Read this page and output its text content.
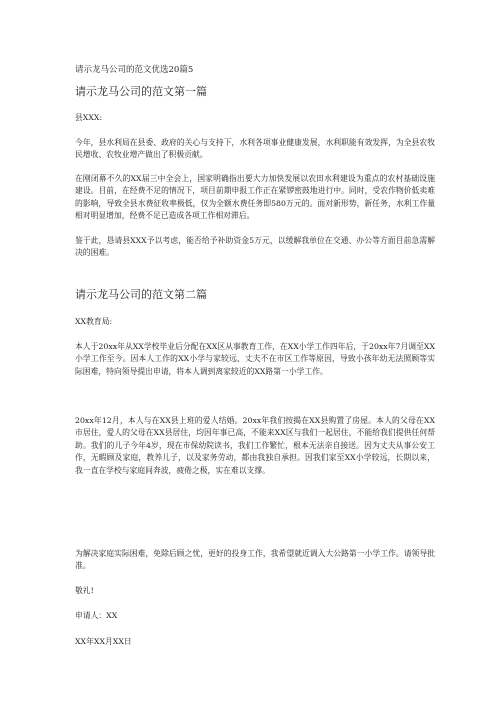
请示龙马公司的范文优选20篇5
请示龙马公司的范文第一篇
县XXX:
今年，县水利局在县委、政府的关心与支持下，水利各项事业健康发展，水利职能有效发挥，为全县农牧民增收、农牧业增产做出了积极贡献。
在刚闭幕不久的XX届三中全会上，国家明确指出要大力加快发展以农田水利建设为重点的农村基础设施建设。目前，在经费不足的情况下，项目前期申报工作正在紧锣密鼓地进行中。同时，受农作物价低卖难的影响，导致全县水费征收率极低，仅为全额水费任务即580万元的。面对新形势，新任务，水利工作量相对明显增加，经费不足已造成各项工作相对滞后。
鉴于此，恳请县XXX予以考虑，能否给予补助资金5万元，以缓解我单位在交通、办公等方面目前急需解决的困难。
请示龙马公司的范文第二篇
XX教育局:
本人于20xx年从XX学校毕业后分配在XX区从事教育工作，在XX小学工作四年后，于20xx年7月调至XX小学工作至今。因本人工作的XX小学与家较远、丈夫不在市区工作等原因，导致小孩年幼无法照顾等实际困难，特向领导提出申请，将本人调到离家较近的XX路第一小学工作。
20xx年12月，本人与在XX县上班的爱人结婚。20xx年我们按揭在XX县购置了房屋。本人的父母在XX市居住，爱人的父母在XX县居住，均因年事已高，不能来XX区与我们一起居住，不能给我们提供任何帮助。我们的儿子今年4岁，现在市保幼院读书，我们工作繁忙，根本无法亲自接送。因为丈夫从事公安工作，无暇顾及家庭，教养儿子，以及家务劳动，都由我独自承担。因我们家至XX小学较远，长期以来，我一直在学校与家庭间奔波，疲倦之极，实在难以支撑。
为解决家庭实际困难，免除后顾之忧，更好的投身工作，我希望就近调入大公路第一小学工作。请领导批准。
敬礼!
申请人：XX
XX年XX月XX日
